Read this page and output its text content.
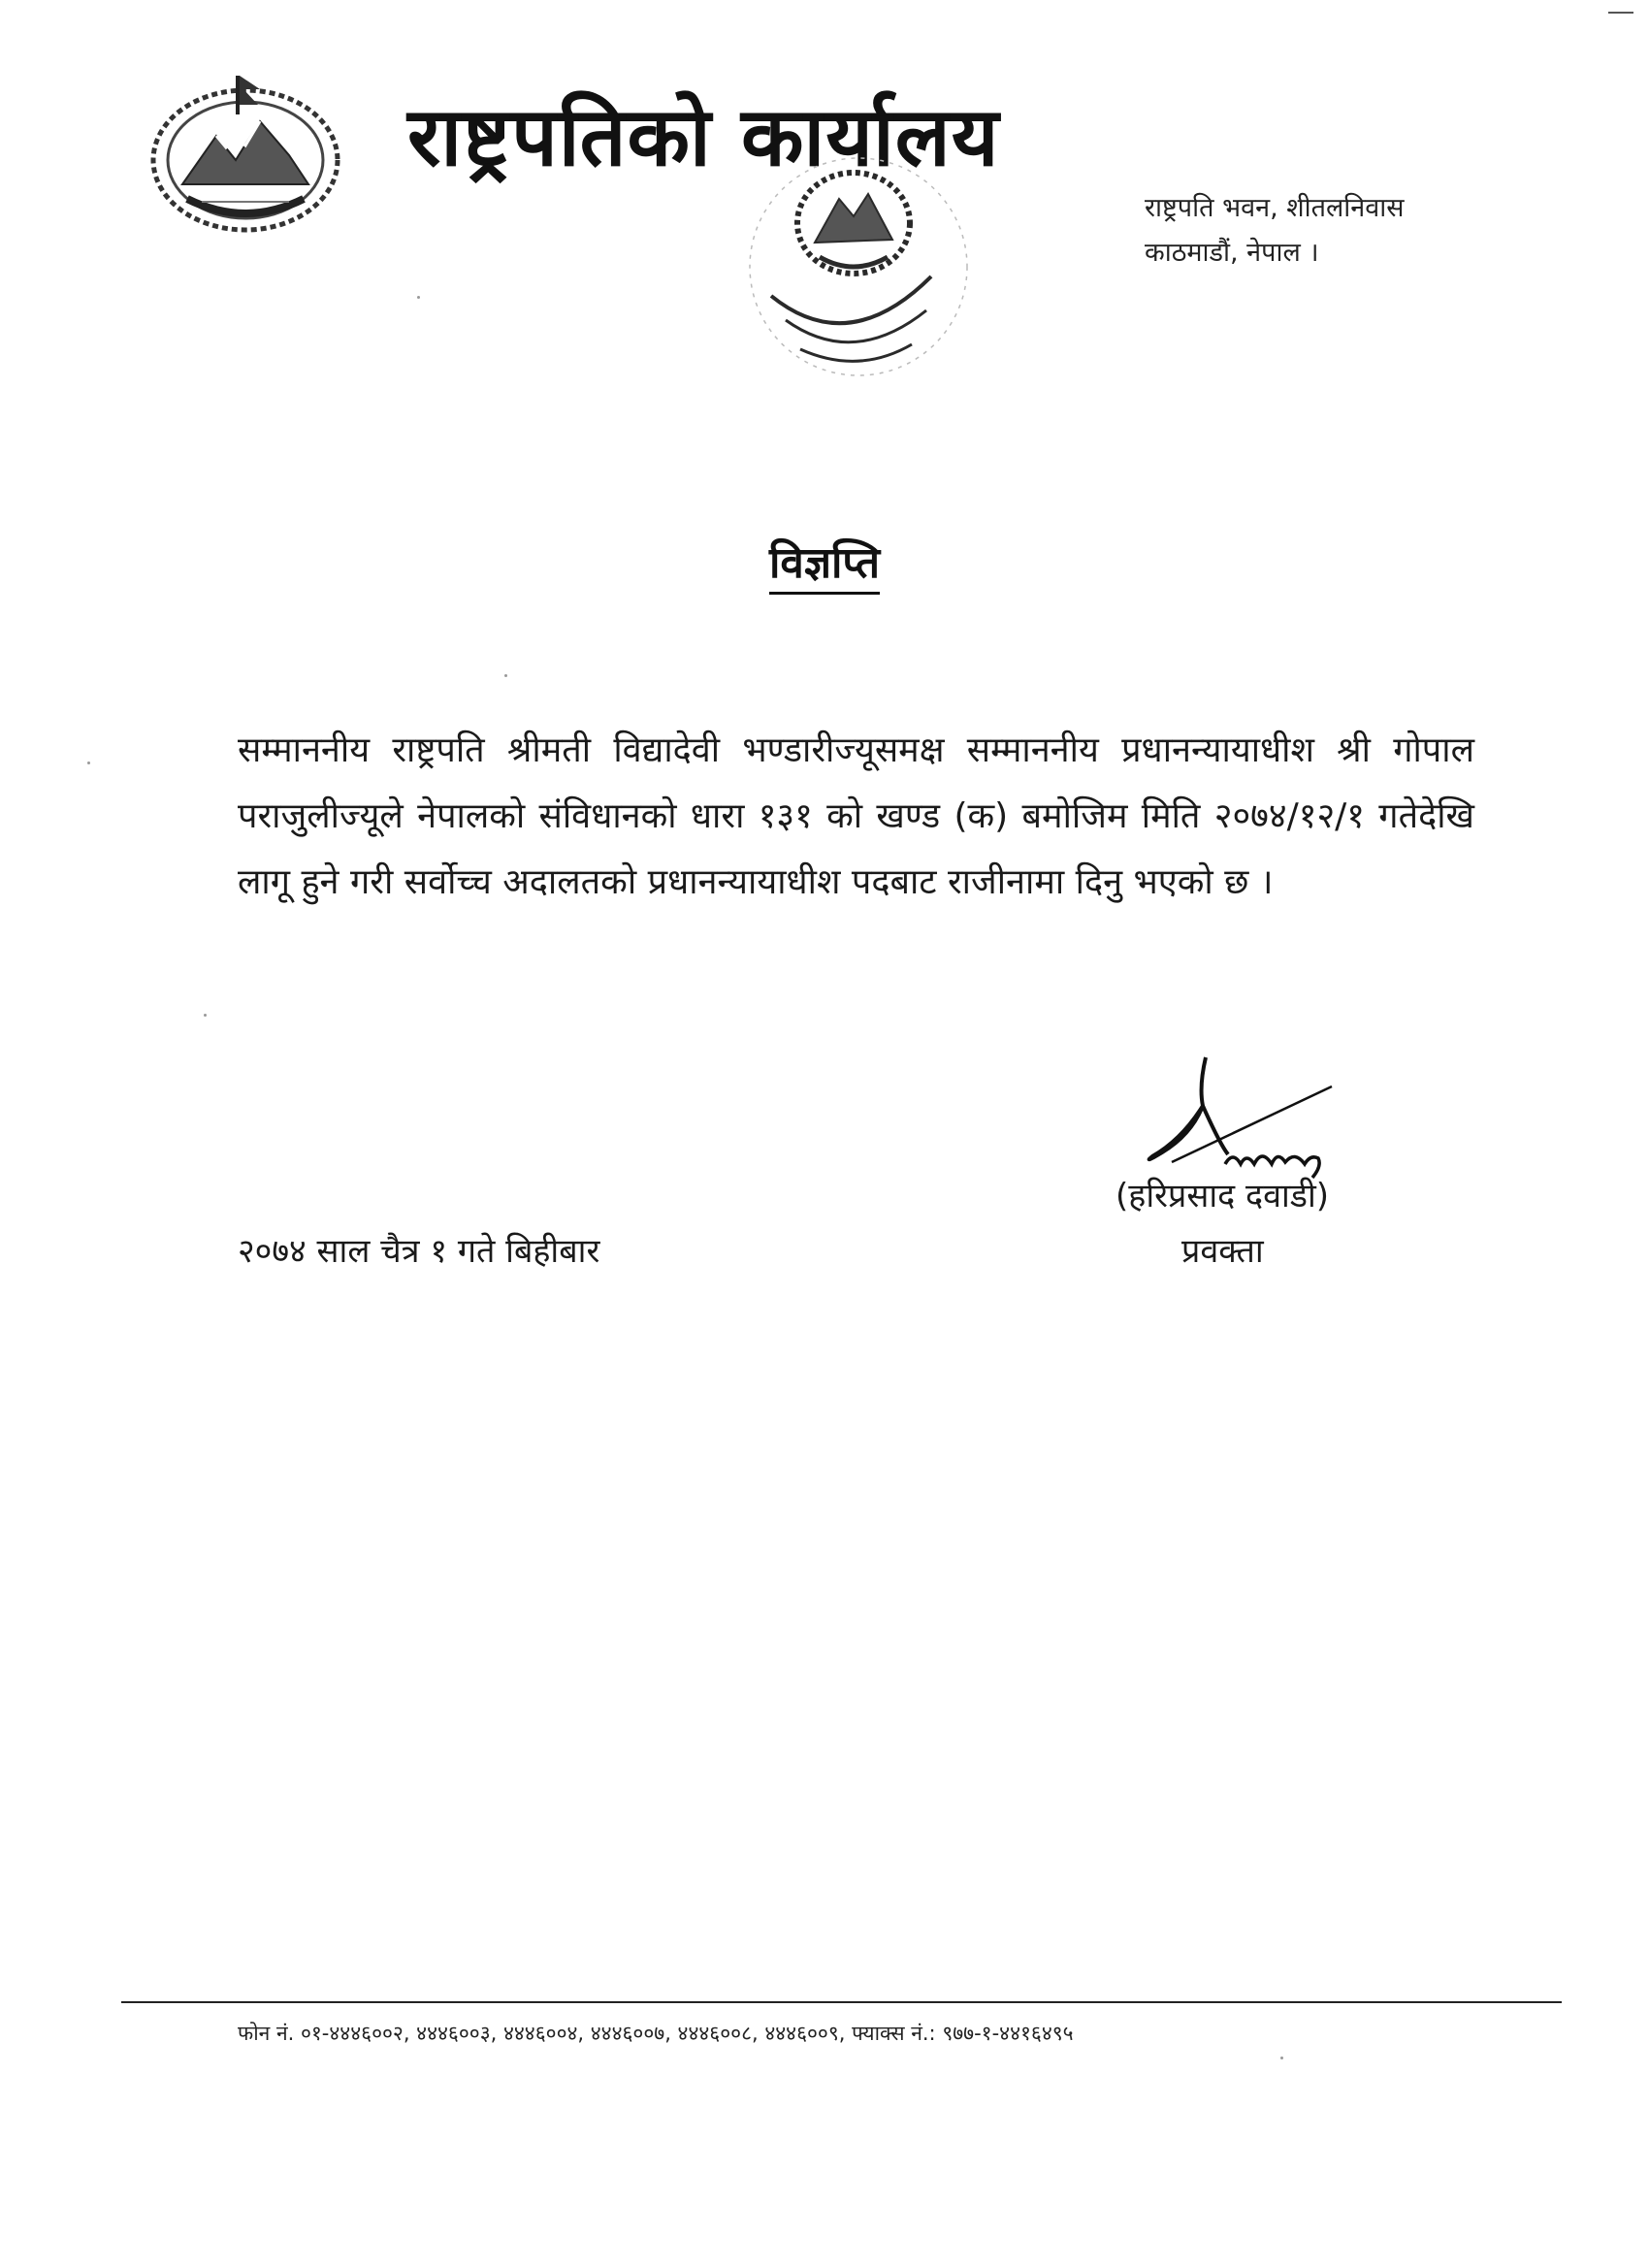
राष्ट्रपतिको कार्यालय
राष्ट्रपति भवन, शीतलनिवास
काठमाडौं, नेपाल ।
विज्ञप्ति
सम्माननीय राष्ट्रपति श्रीमती विद्यादेवी भण्डारीज्यूसमक्ष सम्माननीय प्रधानन्यायाधीश श्री गोपाल पराजुलीज्यूले नेपालको संविधानको धारा १३१ को खण्ड (क) बमोजिम मिति २०७४/१२/१ गतेदेखि लागू हुने गरी सर्वोच्च अदालतको प्रधानन्यायाधीश पदबाट राजीनामा दिनु भएको छ ।
(हरिप्रसाद दवाडी)
प्रवक्ता
२०७४ साल चैत्र १ गते बिहीबार
फोन नं. ०१-४४४६००२, ४४४६००३, ४४४६००४, ४४४६००७, ४४४६००८, ४४४६००९, फ्याक्स नं.: ९७७-१-४४१६४९५
